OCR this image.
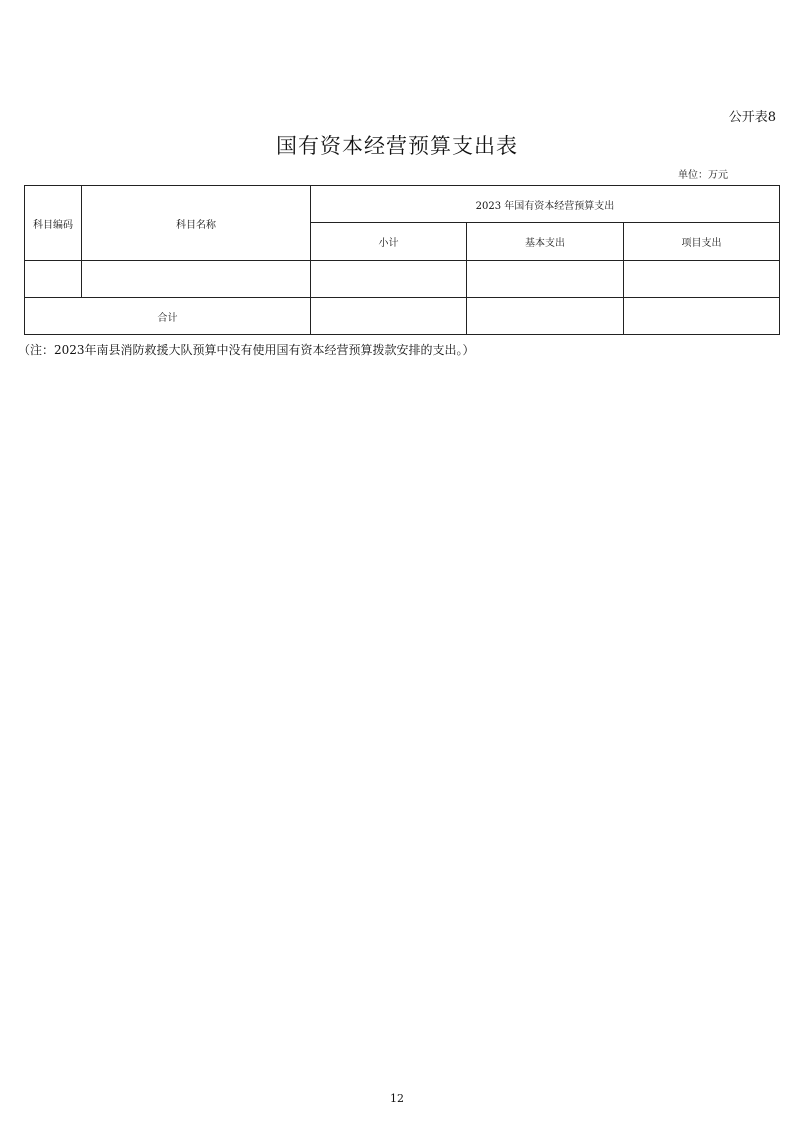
公开表8
国有资本经营预算支出表
单位：万元
科目编码	科目名称	2023 年国有资本经营预算支出		
		小计	基本支出	项目支出

合计				
（注：2023年南县消防救援大队预算中没有使用国有资本经营预算拨款安排的支出。）
12
